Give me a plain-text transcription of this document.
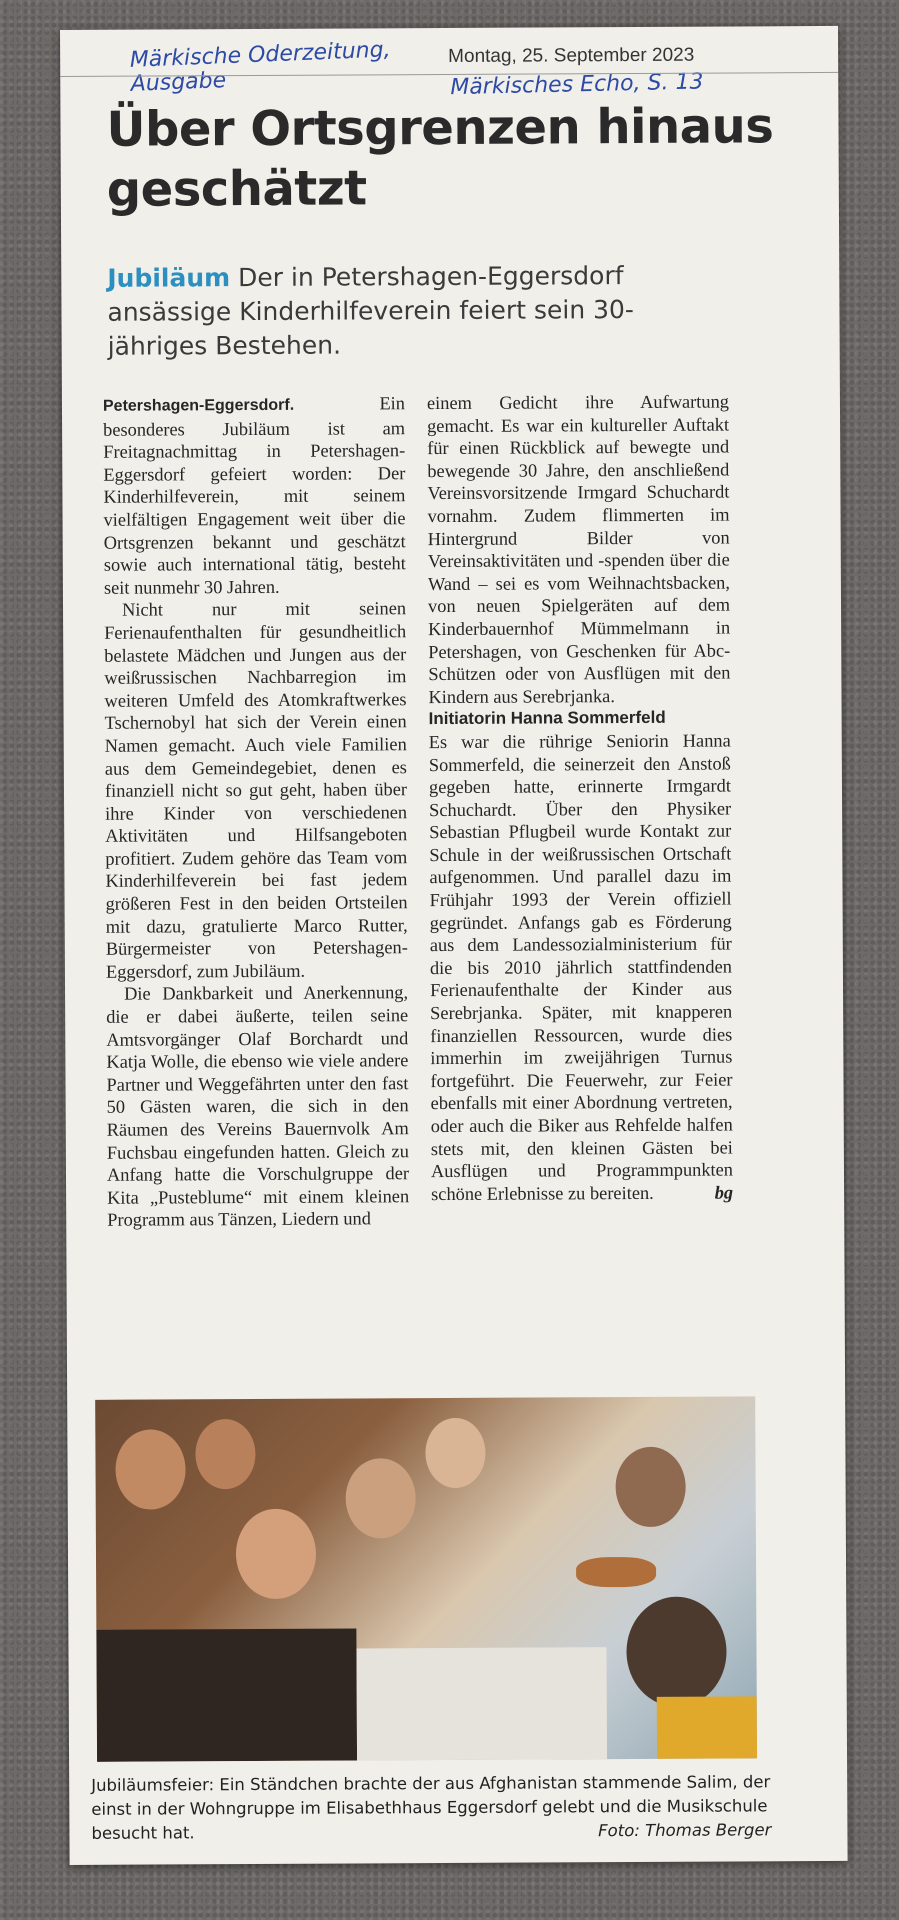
Märkische Oderzeitung, Ausgabe
Montag, 25. September 2023
Märkisches Echo, S. 13
Über Ortsgrenzen hinaus geschätzt
Jubiläum Der in Petershagen-Eggersdorf ansässige Kinderhilfeverein feiert sein 30-jähriges Bestehen.

Petershagen-Eggersdorf.	Ein besonderes Jubiläum ist am Freitagnachmittag in Petershagen-Eggersdorf gefeiert worden: Der Kinderhilfeverein, mit seinem vielfältigen Engagement weit über die Ortsgrenzen bekannt und geschätzt sowie auch international tätig, besteht seit nunmehr 30 Jahren.

Nicht nur mit seinen Ferienaufenthalten für gesundheitlich belastete Mädchen und Jungen aus der weißrussischen Nachbarregion im weiteren Umfeld des Atomkraftwerkes Tschernobyl hat sich der Verein einen Namen gemacht. Auch viele Familien aus dem Gemeindegebiet, denen es finanziell nicht so gut geht, haben über ihre Kinder von verschiedenen Aktivitäten und Hilfsangeboten profitiert. Zudem gehöre das Team vom Kinderhilfeverein bei fast jedem größeren Fest in den beiden Ortsteilen mit dazu, gratulierte Marco Rutter, Bürgermeister von Petershagen-Eggersdorf, zum Jubiläum.

Die Dankbarkeit und Anerkennung, die er dabei äußerte, teilen seine Amtsvorgänger Olaf Borchardt und Katja Wolle, die ebenso wie viele andere Partner und Weggefährten unter den fast 50 Gästen waren, die sich in den Räumen des Vereins Bauernvolk Am Fuchsbau eingefunden hatten. Gleich zu Anfang hatte die Vorschulgruppe der Kita „Pusteblume“ mit einem kleinen Programm aus Tänzen, Liedern und

einem Gedicht ihre Aufwartung gemacht. Es war ein kultureller Auftakt für einen Rückblick auf bewegte und bewegende 30 Jahre, den anschließend Vereinsvorsitzende Irmgard Schuchardt vornahm. Zudem flimmerten im Hintergrund Bilder von Vereinsaktivitäten und -spenden über die Wand – sei es vom Weihnachtsbacken, von neuen Spielgeräten auf dem Kinderbauernhof Mümmelmann in Petershagen, von Geschenken für Abc-Schützen oder von Ausflügen mit den Kindern aus Serebrjanka.

Initiatorin Hanna Sommerfeld

Es war die rührige Seniorin Hanna Sommerfeld, die seinerzeit den Anstoß gegeben hatte, erinnerte Irmgardt Schuchardt. Über den Physiker Sebastian Pflugbeil wurde Kontakt zur Schule in der weißrussischen Ortschaft aufgenommen. Und parallel dazu im Frühjahr 1993 der Verein offiziell gegründet. Anfangs gab es Förderung aus dem Landessozialministerium für die bis 2010 jährlich stattfindenden Ferienaufenthalte der Kinder aus Serebrjanka. Später, mit knapperen finanziellen Ressourcen, wurde dies immerhin im zweijährigen Turnus fortgeführt. Die Feuerwehr, zur Feier ebenfalls mit einer Abordnung vertreten, oder auch die Biker aus Rehfelde halfen stets mit, den kleinen Gästen bei Ausflügen und Programmpunkten schöne Erlebnisse zu bereiten.	bg

Jubiläumsfeier: Ein Ständchen brachte der aus Afghanistan stammende Salim, der einst in der Wohngruppe im Elisabethhaus Eggersdorf gelebt und die Musikschule besucht hat.	Foto: Thomas Berger
